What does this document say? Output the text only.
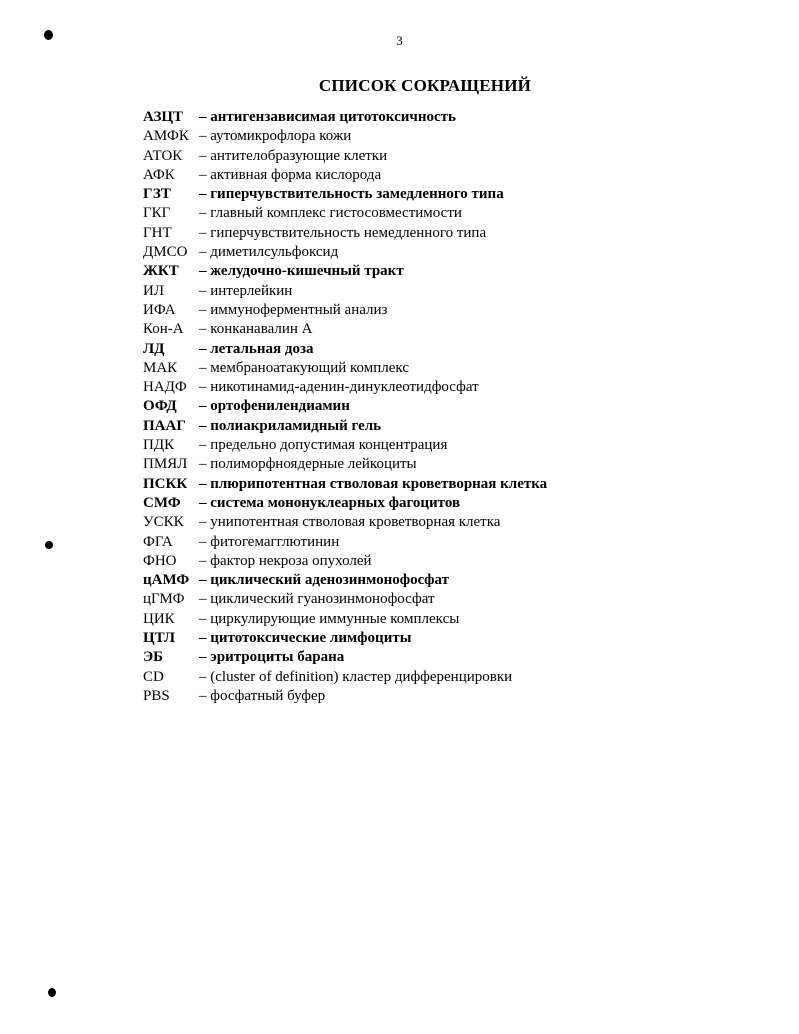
3
СПИСОК СОКРАЩЕНИЙ
АЗЦТ	– антигензависимая цитотоксичность
АМФК – аутомикрофлора кожи
АТОК	– антителобразующие клетки
АФК	– активная форма кислорода
ГЗТ	– гиперчувствительность замедленного типа
ГКГ	– главный комплекс гистосовместимости
ГНТ	– гиперчувствительность немедленного типа
ДМСО – диметилсульфоксид
ЖКТ	– желудочно-кишечный тракт
ИЛ	– интерлейкин
ИФА	– иммуноферментный анализ
Кон-А	– конканавалин А
ЛД	– летальная доза
МАК	– мембраноатакующий комплекс
НАДФ – никотинамид-аденин-динуклеотидфосфат
ОФД	– ортофенилендиамин
ПААГ – полиакриламидный гель
ПДК	– предельно допустимая концентрация
ПМЯЛ – полиморфноядерные лейкоциты
ПСКК – плюрипотентная стволовая кроветворная клетка
СМФ	– система мононуклеарных фагоцитов
УСКК	– унипотентная стволовая кроветворная клетка
ФГА	– фитогемагглютинин
ФНО	– фактор некроза опухолей
цАМФ – циклический аденозинмонофосфат
цГМФ – циклический гуанозинмонофосфат
ЦИК	– циркулирующие иммунные комплексы
ЦТЛ	– цитотоксические лимфоциты
ЭБ	– эритроциты барана
CD	– (cluster of definition) кластер дифференцировки
PBS	– фосфатный буфер
